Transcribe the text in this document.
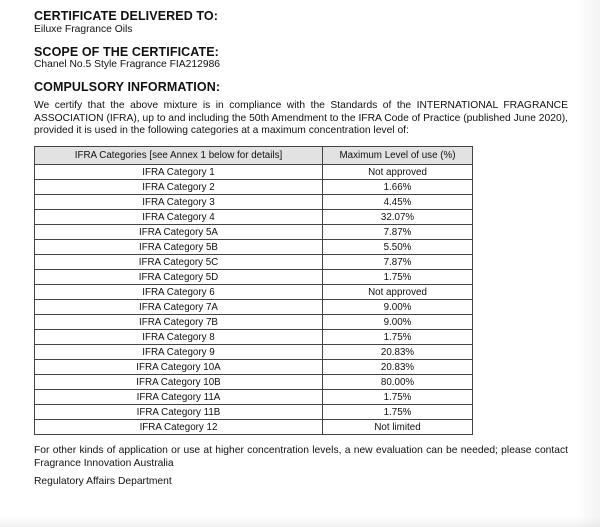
CERTIFICATE DELIVERED TO:
Eiluxe Fragrance Oils
SCOPE OF THE CERTIFICATE:
Chanel No.5 Style Fragrance FIA212986
COMPULSORY INFORMATION:
We certify that the above mixture is in compliance with the Standards of the INTERNATIONAL FRAGRANCE
ASSOCIATION (IFRA), up to and including the 50th Amendment to the IFRA Code of Practice (published June 2020),
provided it is used in the following categories at a maximum concentration level of:
IFRA Categories [see Annex 1 below for details]	Maximum Level of use (%)
IFRA Category 1	Not approved
IFRA Category 2	1.66%
IFRA Category 3	4.45%
IFRA Category 4	32.07%
IFRA Category 5A	7.87%
IFRA Category 5B	5.50%
IFRA Category 5C	7.87%
IFRA Category 5D	1.75%
IFRA Category 6	Not approved
IFRA Category 7A	9.00%
IFRA Category 7B	9.00%
IFRA Category 8	1.75%
IFRA Category 9	20.83%
IFRA Category 10A	20.83%
IFRA Category 10B	80.00%
IFRA Category 11A	1.75%
IFRA Category 11B	1.75%
IFRA Category 12	Not limited
For other kinds of application or use at higher concentration levels, a new evaluation can be needed; please contact
Fragrance Innovation Australia
Regulatory Affairs Department
